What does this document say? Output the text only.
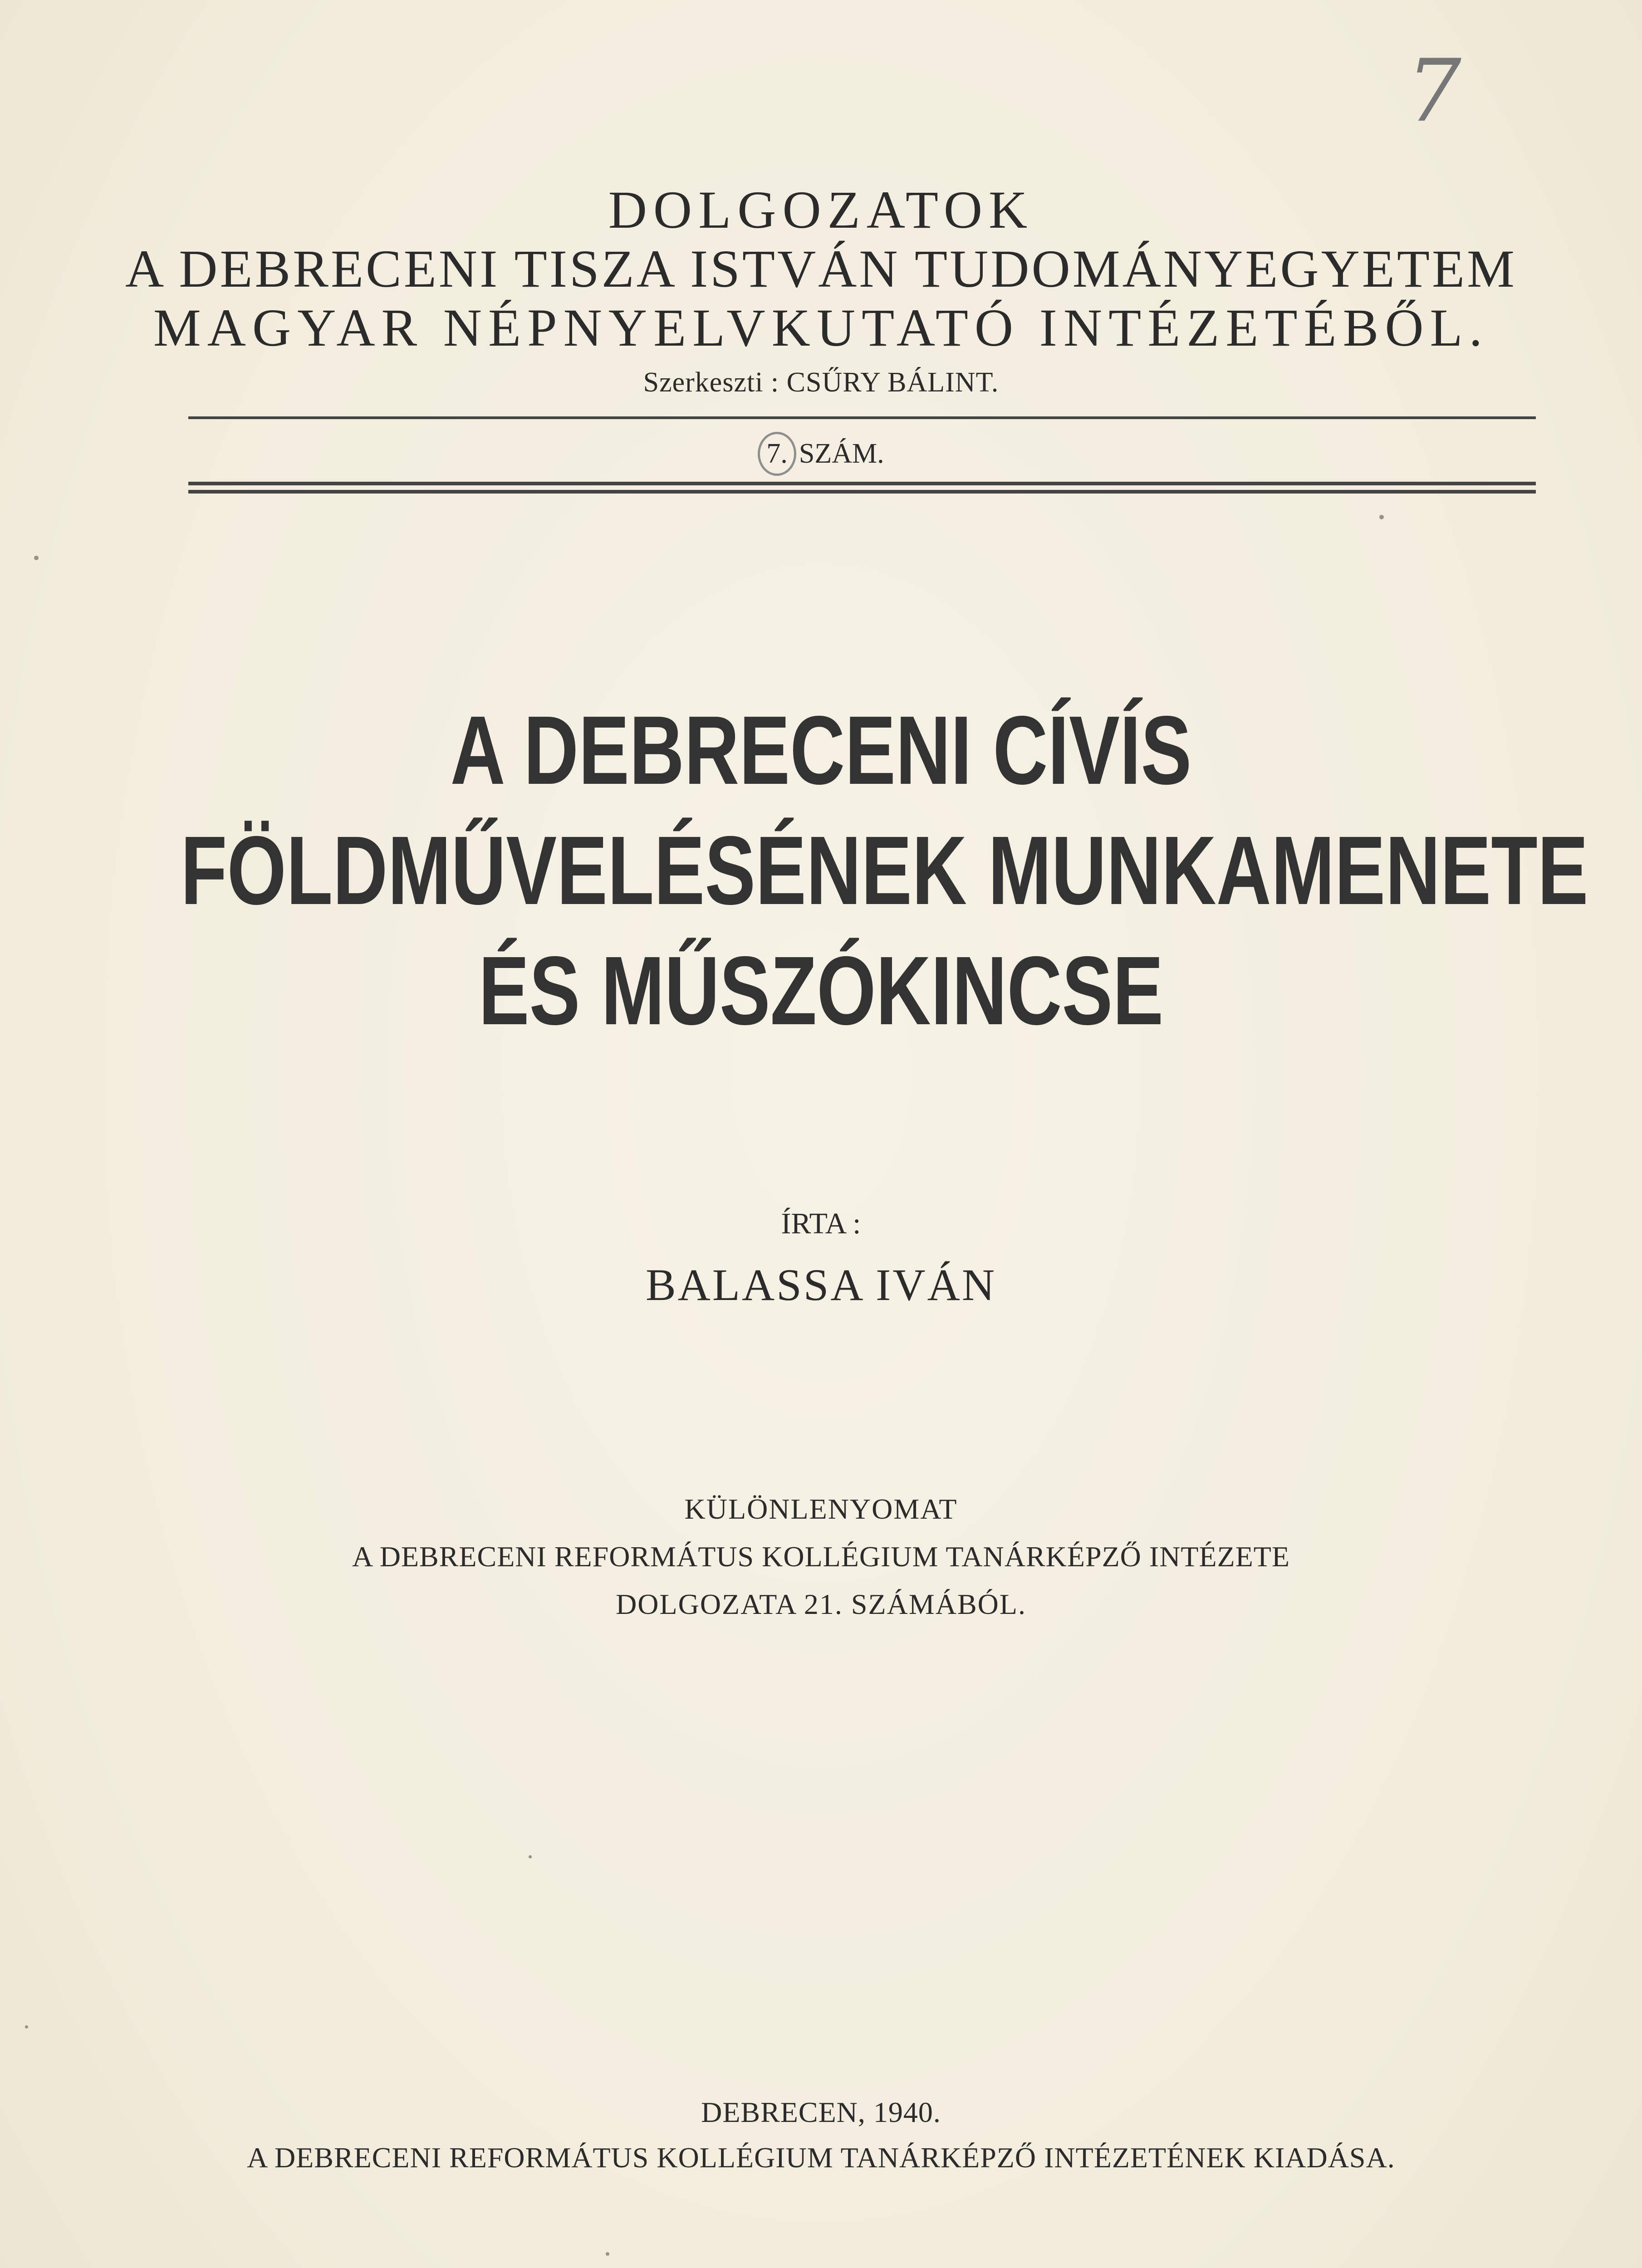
7
DOLGOZATOK
A DEBRECENI TISZA ISTVÁN TUDOMÁNYEGYETEM
MAGYAR NÉPNYELVKUTATÓ INTÉZETÉBŐL.
Szerkeszti : CSŰRY BÁLINT.
7. SZÁM.
A DEBRECENI CÍVÍS
FÖLDMŰVELÉSÉNEK MUNKAMENETE
ÉS MŰSZÓKINCSE
ÍRTA :
BALASSA IVÁN
KÜLÖNLENYOMAT
A DEBRECENI REFORMÁTUS KOLLÉGIUM TANÁRKÉPZŐ INTÉZETE
DOLGOZATA 21. SZÁMÁBÓL.
DEBRECEN, 1940.
A DEBRECENI REFORMÁTUS KOLLÉGIUM TANÁRKÉPZŐ INTÉZETÉNEK KIADÁSA.
